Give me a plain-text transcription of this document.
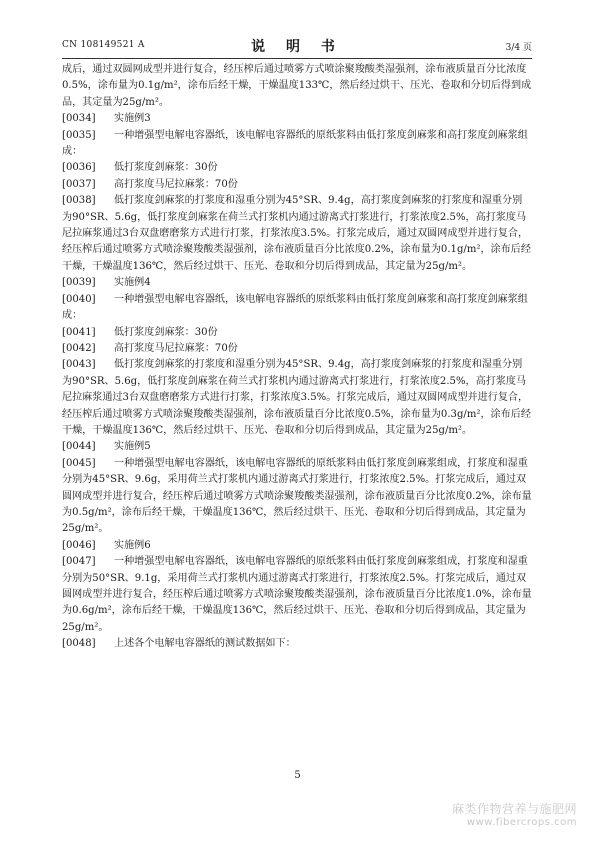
CN 108149521 A	说 明 书	3/4 页
成后，通过双圆网成型并进行复合，经压榨后通过喷雾方式喷涂聚羧酸类湿强剂，涂布液质量百分比浓度0.5%，涂布量为0.1g/m²，涂布后经干燥，干燥温度133℃，然后经过烘干、压光、卷取和分切后得到成品，其定量为25g/m²。
[0034] 实施例3
[0035] 一种增强型电解电容器纸，该电解电容器纸的原纸浆料由低打浆度剑麻浆和高打浆度剑麻浆组成：
[0036] 低打浆度剑麻浆：30份
[0037] 高打浆度马尼拉麻浆：70份
[0038] 低打浆度剑麻浆的打浆度和湿重分别为45°SR、9.4g，高打浆度剑麻浆的打浆度和湿重分别为90°SR、5.6g，低打浆度剑麻浆在荷兰式打浆机内通过游离式打浆进行，打浆浓度2.5%，高打浆度马尼拉麻浆通过3台双盘磨磨浆方式进行打浆，打浆浓度3.5%。打浆完成后，通过双圆网成型并进行复合，经压榨后通过喷雾方式喷涂聚羧酸类湿强剂，涂布液质量百分比浓度0.2%，涂布量为0.1g/m²，涂布后经干燥，干燥温度136℃，然后经过烘干、压光、卷取和分切后得到成品，其定量为25g/m²。
[0039] 实施例4
[0040] 一种增强型电解电容器纸，该电解电容器纸的原纸浆料由低打浆度剑麻浆和高打浆度剑麻浆组成：
[0041] 低打浆度剑麻浆：30份
[0042] 高打浆度马尼拉麻浆：70份
[0043] 低打浆度剑麻浆的打浆度和湿重分别为45°SR、9.4g，高打浆度剑麻浆的打浆度和湿重分别为90°SR、5.6g，低打浆度剑麻浆在荷兰式打浆机内通过游离式打浆进行，打浆浓度2.5%，高打浆度马尼拉麻浆通过3台双盘磨磨浆方式进行打浆，打浆浓度3.5%。打浆完成后，通过双圆网成型并进行复合，经压榨后通过喷雾方式喷涂聚羧酸类湿强剂，涂布液质量百分比浓度0.5%，涂布量为0.3g/m²，涂布后经干燥，干燥温度136℃，然后经过烘干、压光、卷取和分切后得到成品，其定量为25g/m²。
[0044] 实施例5
[0045] 一种增强型电解电容器纸，该电解电容器纸的原纸浆料由低打浆度剑麻浆组成，打浆度和湿重分别为45°SR、9.6g，采用荷兰式打浆机内通过游离式打浆进行，打浆浓度2.5%。打浆完成后，通过双圆网成型并进行复合，经压榨后通过喷雾方式喷涂聚羧酸类湿强剂，涂布液质量百分比浓度0.2%，涂布量为0.5g/m²，涂布后经干燥，干燥温度136℃，然后经过烘干、压光、卷取和分切后得到成品，其定量为25g/m²。
[0046] 实施例6
[0047] 一种增强型电解电容器纸，该电解电容器纸的原纸浆料由低打浆度剑麻浆组成，打浆度和湿重分别为50°SR、9.1g，采用荷兰式打浆机内通过游离式打浆进行，打浆浓度2.5%。打浆完成后，通过双圆网成型并进行复合，经压榨后通过喷雾方式喷涂聚羧酸类湿强剂，涂布液质量百分比浓度1.0%，涂布量为0.6g/m²，涂布后经干燥，干燥温度136℃，然后经过烘干、压光、卷取和分切后得到成品，其定量为25g/m²。
[0048] 上述各个电解电容器纸的测试数据如下：
5
麻类作物营养与施肥网
www.fibercrops.com
